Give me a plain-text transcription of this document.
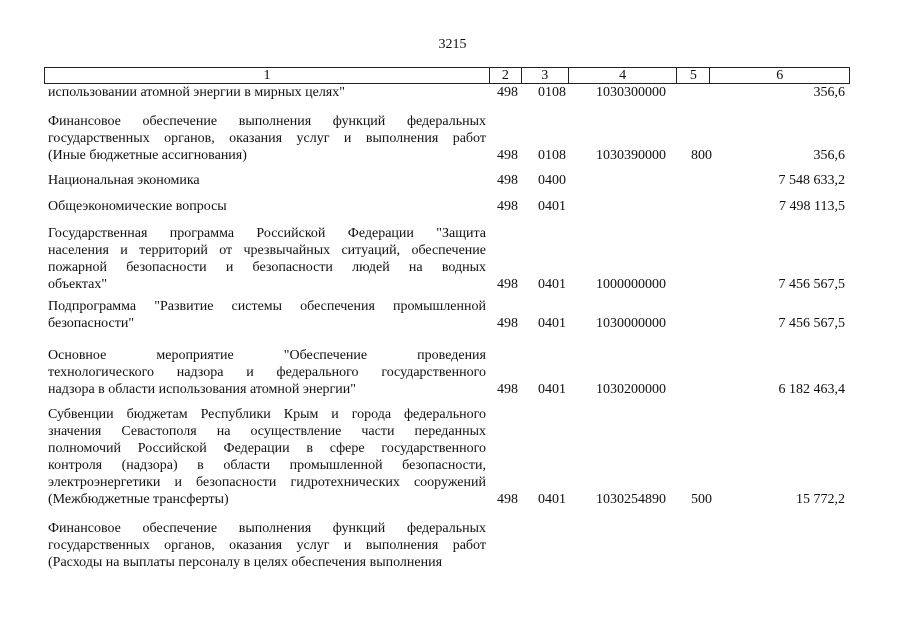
3215
1	2	3	4	5	6
использовании атомной энергии в мирных целях"	498 0108 1030300000	356,6
Финансовое обеспечение выполнения функций федеральных
государственных органов, оказания услуг и выполнения работ
(Иные бюджетные ассигнования)	498 0108 1030390000 800	356,6
Национальная экономика	498 0400	7 548 633,2
Общеэкономические вопросы	498 0401	7 498 113,5
Государственная программа Российской Федерации "Защита
населения и территорий от чрезвычайных ситуаций, обеспечение
пожарной безопасности и безопасности людей на водных
объектах"	498 0401 1000000000	7 456 567,5
Подпрограмма "Развитие системы обеспечения промышленной
безопасности"	498 0401 1030000000	7 456 567,5
Основное мероприятие "Обеспечение проведения
технологического надзора и федерального государственного
надзора в области использования атомной энергии"	498 0401 1030200000	6 182 463,4
Субвенции бюджетам Республики Крым и города федерального
значения Севастополя на осуществление части переданных
полномочий Российской Федерации в сфере государственного
контроля (надзора) в области промышленной безопасности,
электроэнергетики и безопасности гидротехнических сооружений
(Межбюджетные трансферты)	498 0401 1030254890 500	15 772,2
Финансовое обеспечение выполнения функций федеральных
государственных органов, оказания услуг и выполнения работ
(Расходы на выплаты персоналу в целях обеспечения выполнения
